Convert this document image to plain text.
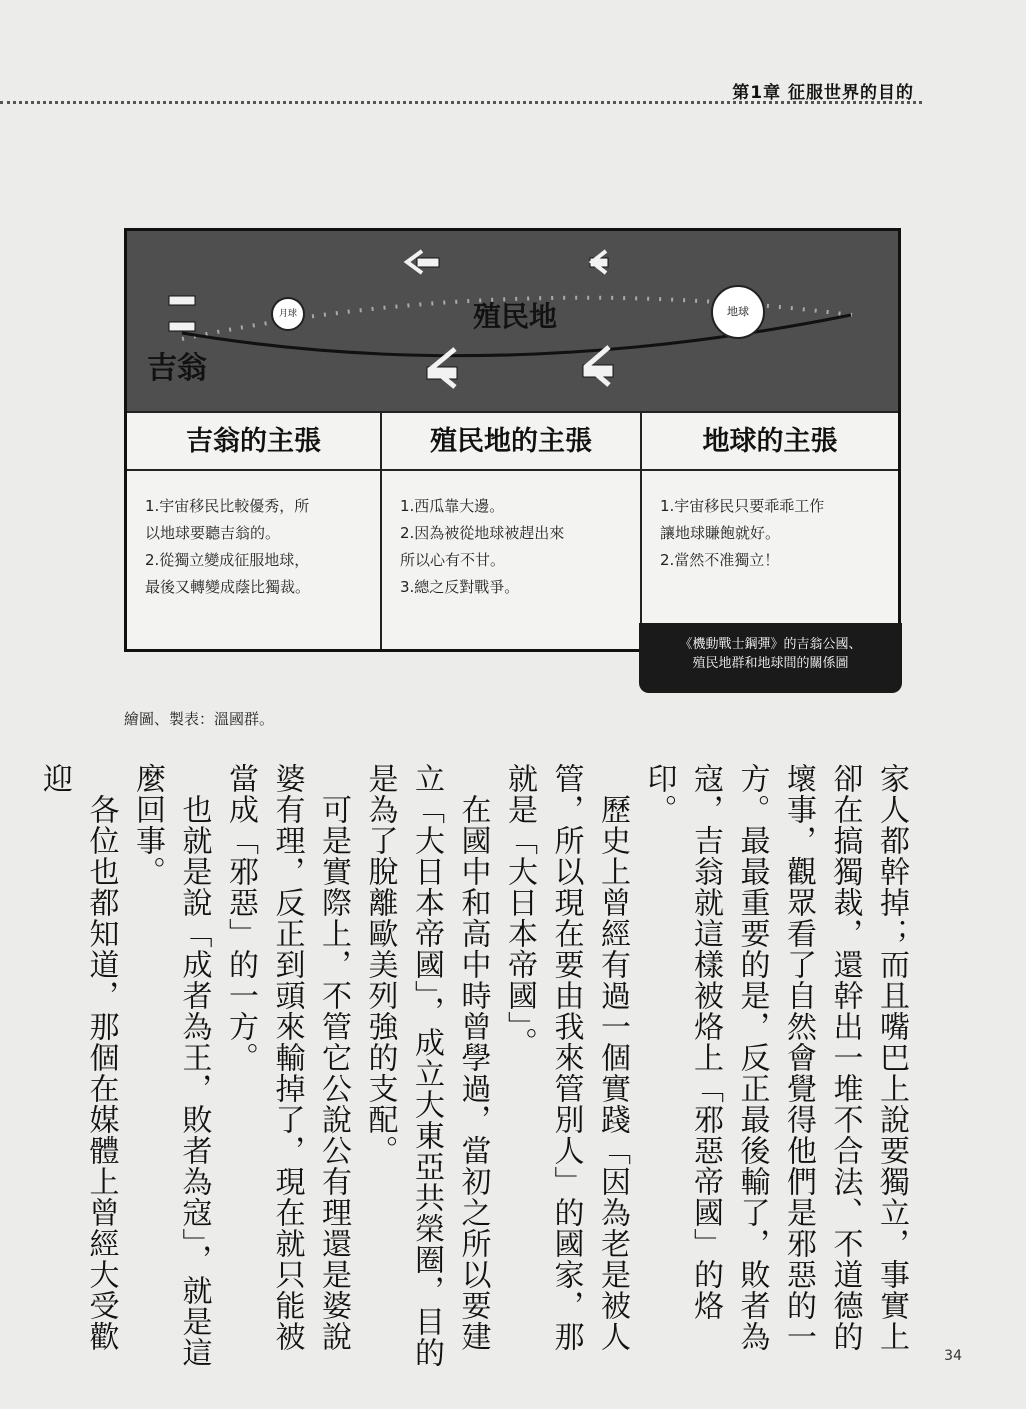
第1章 征服世界的目的
月球	地球
殖民地
吉翁
吉翁的主張
1.宇宙移民比較優秀，所
以地球要聽吉翁的。
2.從獨立變成征服地球，
最後又轉變成蔭比獨裁。
殖民地的主張
1.西瓜靠大邊。
2.因為被從地球被趕出來
所以心有不甘。
3.總之反對戰爭。
地球的主張
1.宇宙移民只要乖乖工作
讓地球賺飽就好。
2.當然不准獨立！
《機動戰士鋼彈》的吉翁公國、
殖民地群和地球間的關係圖
繪圖、製表：溫國群。

家人都幹掉；而且嘴巴上說要獨立，事實上卻在搞獨裁，還幹出一堆不合法、不道德的壞事，觀眾看了自然會覺得他們是邪惡的一方。最最重要的是，反正最後輸了，敗者為寇，吉翁就這樣被烙上「邪惡帝國」的烙印。

　歷史上曾經有過一個實踐「因為老是被人管，所以現在要由我來管別人」的國家，那就是「大日本帝國」。

　在國中和高中時曾學過，當初之所以要建立「大日本帝國」，成立大東亞共榮圈，目的是為了脫離歐美列強的支配。

　可是實際上，不管它公說公有理還是婆說婆有理，反正到頭來輸掉了，現在就只能被當成「邪惡」的一方。

　也就是說「成者為王，敗者為寇」，就是這麼回事。

　各位也都知道，那個在媒體上曾經大受歡迎

34
